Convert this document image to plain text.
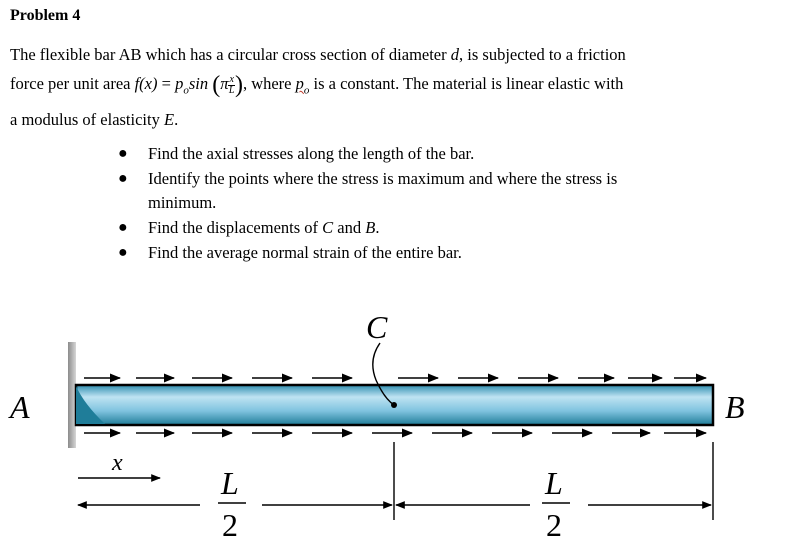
Problem 4
The flexible bar AB which has a circular cross section of diameter d, is subjected to a friction
force per unit area $f(x) = p_o\sin$ ($\pi \frac{x}{L}$ ), where $p_o$ is a constant. The material is linear elastic with
a modulus of elasticity E.
● Find the axial stresses along the length of the bar.
● Identify the points where the stress is maximum and where the stress is
minimum.
● Find the displacements of C and B.
● Find the average normal strain of the entire bar.
A	B
C
x
L
2
L
2
